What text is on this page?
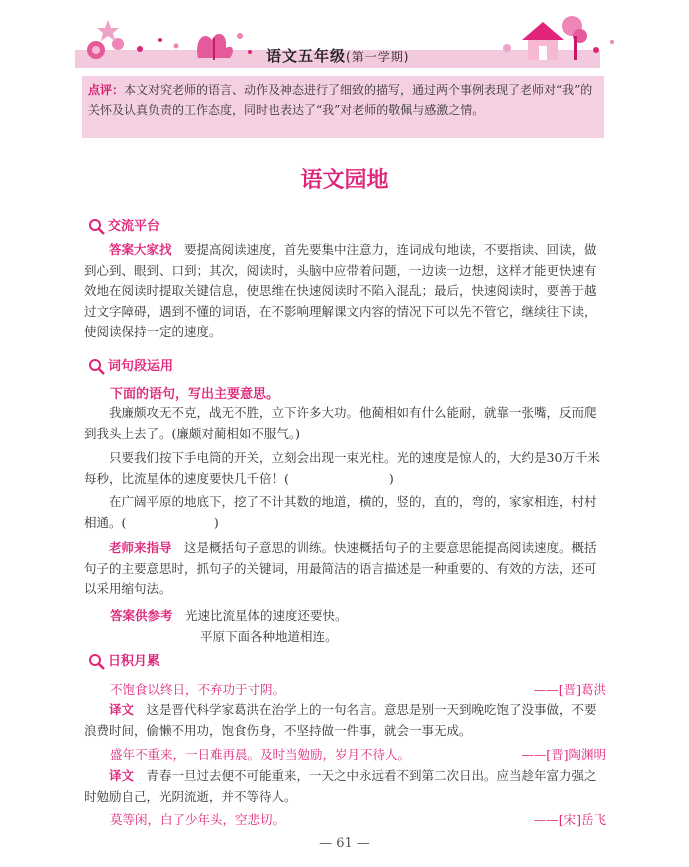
语文五年级(第一学期)
点评：本文对究老师的语言、动作及神态进行了细致的描写，通过两个事例表现了老师对“我”的关怀及认真负责的工作态度，同时也表达了“我”对老师的敬佩与感激之情。
语文园地
交流平台
答案大家找　 要提高阅读速度，首先要集中注意力，连词成句地读，不要指读、回读，做到心到、眼到、口到；其次，阅读时，头脑中应带着问题，一边读一边想，这样才能更快速有效地在阅读时提取关键信息，使思维在快速阅读时不陷入混乱；最后，快速阅读时，要善于越过文字障碍，遇到不懂的词语，在不影响理解课文内容的情况下可以先不管它，继续往下读，使阅读保持一定的速度。
词句段运用
下面的语句，写出主要意思。
我廉颇攻无不克，战无不胜，立下许多大功。他蔺相如有什么能耐，就靠一张嘴，反而爬到我头上去了。(廉颇对蔺相如不服气。)
只要我们按下手电筒的开关，立刻会出现一束光柱。光的速度是惊人的，大约是30万千米每秒，比流星体的速度要快几千倍！(　　　　　　　　)
在广阔平原的地底下，挖了不计其数的地道，横的，竖的，直的，弯的，家家相连，村村相通。(　　　　　　　)
老师来指导　 这是概括句子意思的训练。快速概括句子的主要意思能提高阅读速度。概括句子的主要意思时，抓句子的关键词，用最简洁的语言描述是一种重要的、有效的方法，还可以采用缩句法。
答案供参考　 光速比流星体的速度还要快。
平原下面各种地道相连。
日积月累
不饱食以终日，不弃功于寸阴。	——[晋]葛洪
译文　 这是晋代科学家葛洪在治学上的一句名言。意思是别一天到晚吃饱了没事做，不要浪费时间，偷懒不用功，饱食伤身，不坚持做一件事，就会一事无成。
盛年不重来，一日难再晨。及时当勉励，岁月不待人。	——[晋]陶渊明
译文　 青春一旦过去便不可能重来，一天之中永远看不到第二次日出。应当趁年富力强之时勉励自己，光阴流逝，并不等待人。
莫等闲，白了少年头，空悲切。	——[宋]岳飞
— 61 —
